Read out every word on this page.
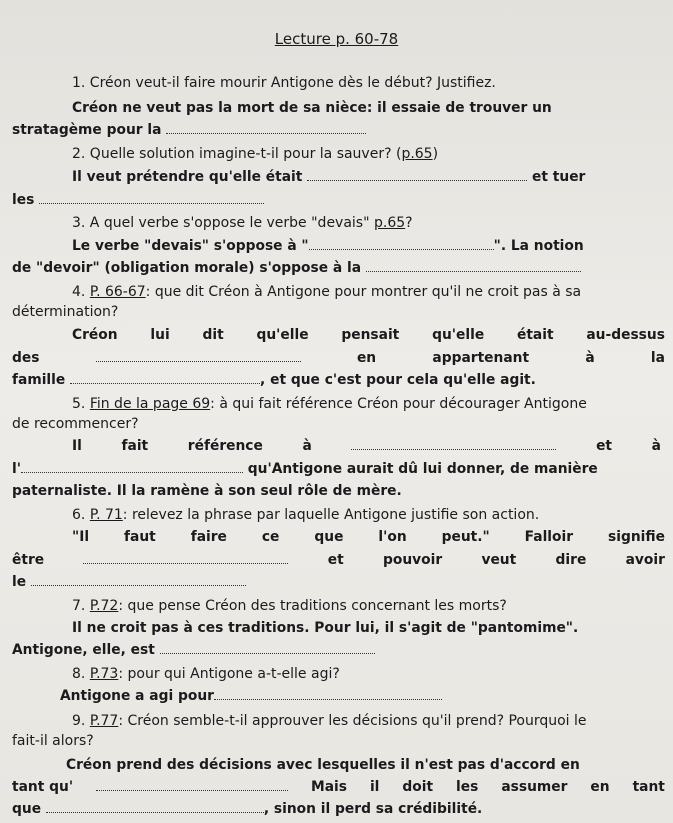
Lecture p. 60-78
1. Créon veut-il faire mourir Antigone dès le début? Justifiez.
Créon ne veut pas la mort de sa nièce: il essaie de trouver un
stratagème pour la
2. Quelle solution imagine-t-il pour la sauver? (p.65)
Il veut prétendre qu'elle était	et tuer
les
3. A quel verbe s'oppose le verbe "devais" p.65?
Le verbe "devais" s'oppose à "	". La notion
de "devoir" (obligation morale) s'oppose à la
4. P. 66-67: que dit Créon à Antigone pour montrer qu'il ne croit pas à sa
détermination?
Créon lui dit qu'elle pensait qu'elle était au-dessus
des	en	appartenant	à	la
famille	, et que c'est pour cela qu'elle agit.
5. Fin de la page 69: à qui fait référence Créon pour décourager Antigone
de recommencer?
Il	fait	référence	à	et	à
l'	qu'Antigone aurait dû lui donner, de manière
paternaliste. Il la ramène à son seul rôle de mère.
6. P. 71: relevez la phrase par laquelle Antigone justifie son action.
"Il	faut	faire	ce	que	l'on	peut."	Falloir	signifie
être	et	pouvoir	veut	dire	avoir
le
7. P.72: que pense Créon des traditions concernant les morts?
Il ne croit pas à ces traditions. Pour lui, il s'agit de "pantomime".
Antigone, elle, est
8. P.73: pour qui Antigone a-t-elle agi?
Antigone a agi pour
9. P.77: Créon semble-t-il approuver les décisions qu'il prend? Pourquoi le
fait-il alors?
Créon prend des décisions avec lesquelles il n'est pas d'accord en
tant qu'	Mais il doit les assumer en tant
que	, sinon il perd sa crédibilité.
